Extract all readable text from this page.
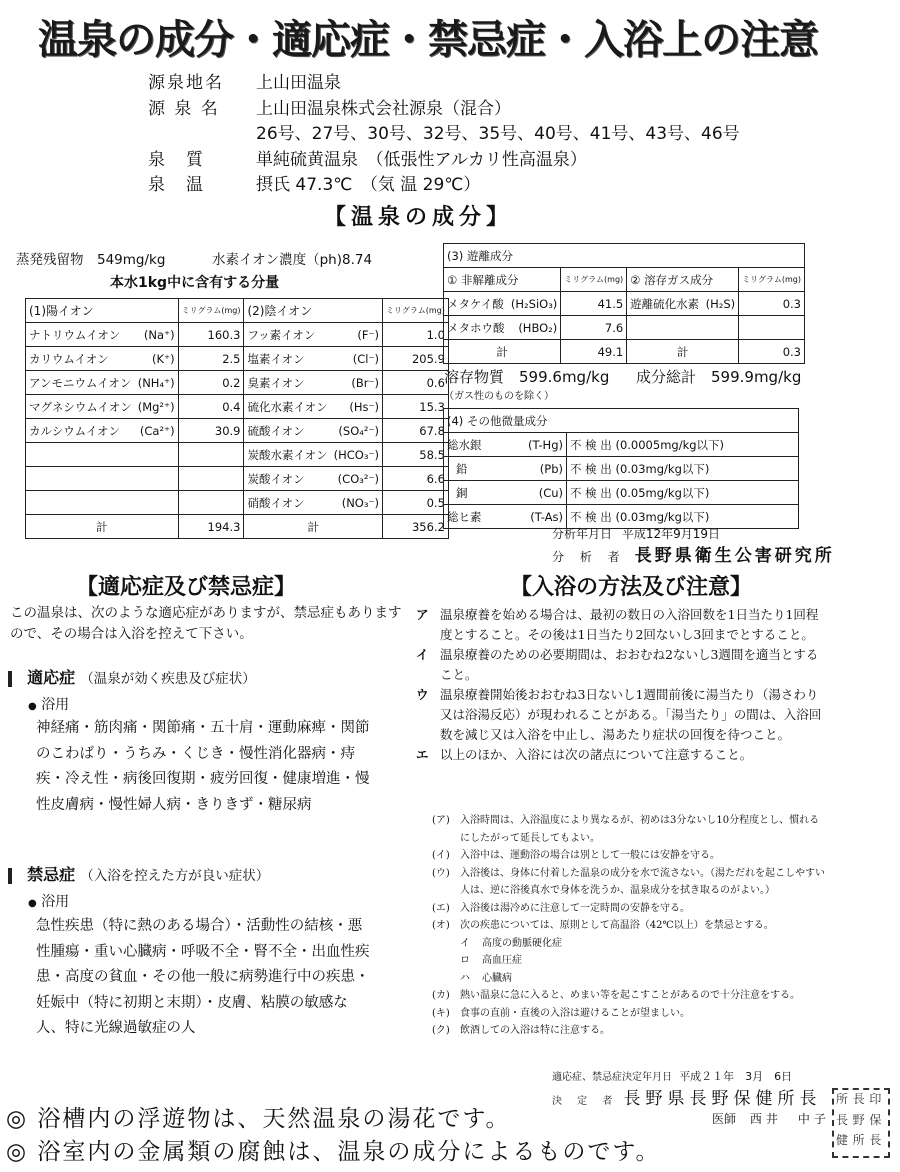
温泉の成分・適応症・禁忌症・入浴上の注意
源泉地名	上山田温泉
源 泉 名	上山田温泉株式会社源泉（混合）
26号、27号、30号、32号、35号、40号、41号、43号、46号
泉　質	単純硫黄温泉　（低張性アルカリ性高温泉）
泉　温	摂氏 47.3℃　（気 温 29℃）
【温泉の成分】
蒸発残留物　549mg/kg	水素イオン濃度（ph)8.74
本水1kg中に含有する分量
(1)陽イオン		ミリグラム(mg)	(2)陰イオン		ミリグラム(mg)
ナトリウムイオン	(Na⁺)	160.3	フッ素イオン	(F⁻)	1.0
カリウムイオン	(K⁺)	2.5	塩素イオン	(Cl⁻)	205.9
アンモニウムイオン	(NH₄⁺)	0.2	臭素イオン	(Br⁻)	0.6
マグネシウムイオン	(Mg²⁺)	0.4	硫化水素イオン	(Hs⁻)	15.3
カルシウムイオン	(Ca²⁺)	30.9	硫酸イオン	(SO₄²⁻)	67.8
			炭酸水素イオン	(HCO₃⁻)	58.5
			炭酸イオン	(CO₃²⁻)	6.6
			硝酸イオン	(NO₃⁻)	0.5
計		194.3	計		356.2
(3) 遊離成分					
① 非解離成分		ミリグラム(mg)	② 溶存ガス成分		ミリグラム(mg)
メタケイ酸	(H₂SiO₃)	41.5	遊離硫化水素	(H₂S)	0.3
メタホウ酸	(HBO₂)	7.6			
計		49.1	計		0.3
溶存物質　599.6mg/kg 成分総計　599.9mg/kg
（ガス性のものを除く）
(4) その他微量成分		
総水銀	(T-Hg)	不 検 出 (0.0005mg/kg以下)
鉛	(Pb)	不 検 出 (0.03mg/kg以下)
銅	(Cu)	不 検 出 (0.05mg/kg以下)
総ヒ素	(T-As)	不 検 出 (0.03mg/kg以下)
分析年月日 平成12年9月19日
分 析 者 長野県衛生公害研究所
【適応症及び禁忌症】
この温泉は、次のような適応症がありますが、禁忌症もありますので、その場合は入浴を控えて下さい。
適応症 （温泉が効く疾患及び症状）
● 浴用
神経痛・筋肉痛・関節痛・五十肩・運動麻痺・関節のこわばり・うちみ・くじき・慢性消化器病・痔疾・冷え性・病後回復期・疲労回復・健康増進・慢性皮膚病・慢性婦人病・きりきず・糖尿病
禁忌症 （入浴を控えた方が良い症状）
● 浴用
急性疾患（特に熱のある場合）・活動性の結核・悪性腫瘍・重い心臓病・呼吸不全・腎不全・出血性疾患・高度の貧血・その他一般に病勢進行中の疾患・妊娠中（特に初期と末期）・皮膚、粘膜の敏感な人、特に光線過敏症の人
【入浴の方法及び注意】
ア 温泉療養を始める場合は、最初の数日の入浴回数を1日当たり1回程度とすること。その後は1日当たり2回ないし3回までとすること。
イ 温泉療養のための必要期間は、おおむね2ないし3週間を適当とすること。
ウ 温泉療養開始後おおむね3日ないし1週間前後に湯当たり（湯さわり又は浴湯反応）が現われることがある。「湯当たり」の間は、入浴回数を減じ又は入浴を中止し、湯あたり症状の回復を待つこと。
エ 以上のほか、入浴には次の諸点について注意すること。
(ア)	入浴時間は、入浴温度により異なるが、初めは3分ないし10分程度とし、慣れるにしたがって延長してもよい。
(イ)	入浴中は、運動浴の場合は別として一般には安静を守る。
(ウ)	入浴後は、身体に付着した温泉の成分を水で流さない。（湯ただれを起こしやすい人は、逆に浴後真水で身体を洗うか、温泉成分を拭き取るのがよい。）
(エ)	入浴後は湯冷めに注意して一定時間の安静を守る。
(オ)	次の疾患については、原則として高温浴（42℃以上）を禁忌とする。
イ 高度の動脈硬化症
ロ 高血圧症
ハ 心臓病
(カ)	熱い温泉に急に入ると、めまい等を起こすことがあるので十分注意をする。
(キ)	食事の直前・直後の入浴は避けることが望ましい。
(ク)	飲酒しての入浴は特に注意する。
適応症、禁忌症決定年月日 平成２１年　3月　6日
決 定 者 長野県長野保健所長
医師 西井　中子
所 長 印
長 野 保
健 所 長
◎ 浴槽内の浮遊物は、天然温泉の湯花です。
◎ 浴室内の金属類の腐蝕は、温泉の成分によるものです。
